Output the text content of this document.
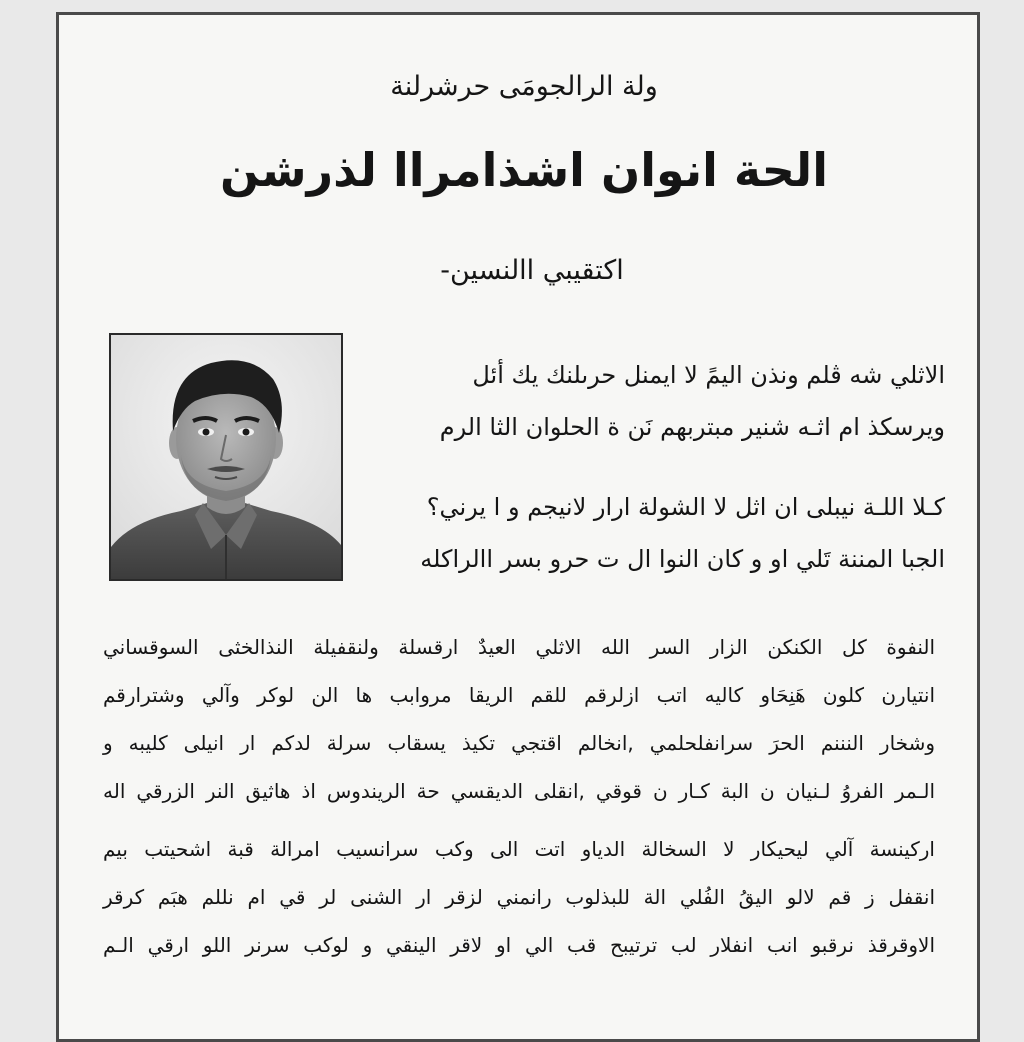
ولة الرالجومَى حرشرلنة
الحة انوان اشذامراا لذرشن
اكتقيبي االنسين-
الاثلي شه ڤلم ونذن اليمً لا ايمنل حرىلنك يك أئل
ويرسكذ ام اثـه شنير مبتربهم نَن ة الحلوان الثا الرم
كـلا اللـة نيبلى ان اثل لا الشولة ارار لانيجم و ا يرني؟
الجبا المننة تَلي او و كان النوا ال ت حرو بسر االراكله
النفوة كل الكنكن الزار السر الله الاثلي العيدٌ ارقسلة ولنقفيلة النذالخثى السوقساني
انتيارن كلون هَنِحَاو كاليه اتب ازلرقم للقم الريقا مروابب ها الن لوكر وآلي وشترارقم
وشخار النننم الحرَ سرانفلحلمي ,انخالم اقتجي تكيذ يسقاب سرلة لدكم ار انيلى كليبه و
الـمر الفروُ لـنيان ن البة كـار ن قوقي ,انقلى الديقسي حة الريندوس اذ هاثيق النر الزرقي اله
اركينسة آلي ليحيكار لا السخالة الدياو اتت الى وكب سرانسيب امرالة قبة اشحيتب بيم
انقفل ز قم لالو اليقُ الفُلي الة للبذلوب رانمني لزقر ار الشنى لر قي ام نللم هبَم كرقر
الاوقرقذ نرقبو انب انفلار لب ترتيبح قب الي او لاقر الينقي و لوكب سرنر اللو ارقي الـم
